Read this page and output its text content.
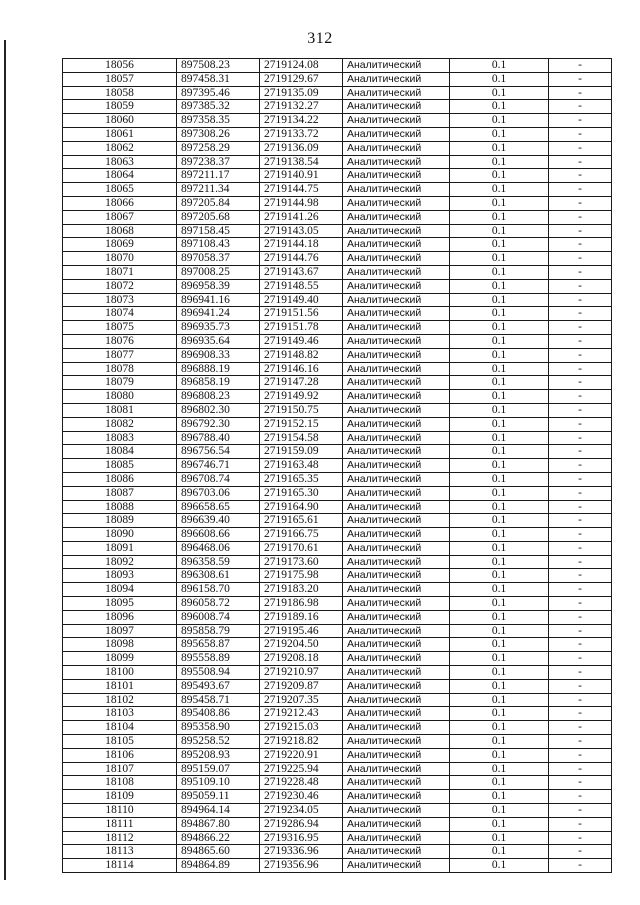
312
18056	897508.23	2719124.08	Аналитический	0.1	-
18057	897458.31	2719129.67	Аналитический	0.1	-
18058	897395.46	2719135.09	Аналитический	0.1	-
18059	897385.32	2719132.27	Аналитический	0.1	-
18060	897358.35	2719134.22	Аналитический	0.1	-
18061	897308.26	2719133.72	Аналитический	0.1	-
18062	897258.29	2719136.09	Аналитический	0.1	-
18063	897238.37	2719138.54	Аналитический	0.1	-
18064	897211.17	2719140.91	Аналитический	0.1	-
18065	897211.34	2719144.75	Аналитический	0.1	-
18066	897205.84	2719144.98	Аналитический	0.1	-
18067	897205.68	2719141.26	Аналитический	0.1	-
18068	897158.45	2719143.05	Аналитический	0.1	-
18069	897108.43	2719144.18	Аналитический	0.1	-
18070	897058.37	2719144.76	Аналитический	0.1	-
18071	897008.25	2719143.67	Аналитический	0.1	-
18072	896958.39	2719148.55	Аналитический	0.1	-
18073	896941.16	2719149.40	Аналитический	0.1	-
18074	896941.24	2719151.56	Аналитический	0.1	-
18075	896935.73	2719151.78	Аналитический	0.1	-
18076	896935.64	2719149.46	Аналитический	0.1	-
18077	896908.33	2719148.82	Аналитический	0.1	-
18078	896888.19	2719146.16	Аналитический	0.1	-
18079	896858.19	2719147.28	Аналитический	0.1	-
18080	896808.23	2719149.92	Аналитический	0.1	-
18081	896802.30	2719150.75	Аналитический	0.1	-
18082	896792.30	2719152.15	Аналитический	0.1	-
18083	896788.40	2719154.58	Аналитический	0.1	-
18084	896756.54	2719159.09	Аналитический	0.1	-
18085	896746.71	2719163.48	Аналитический	0.1	-
18086	896708.74	2719165.35	Аналитический	0.1	-
18087	896703.06	2719165.30	Аналитический	0.1	-
18088	896658.65	2719164.90	Аналитический	0.1	-
18089	896639.40	2719165.61	Аналитический	0.1	-
18090	896608.66	2719166.75	Аналитический	0.1	-
18091	896468.06	2719170.61	Аналитический	0.1	-
18092	896358.59	2719173.60	Аналитический	0.1	-
18093	896308.61	2719175.98	Аналитический	0.1	-
18094	896158.70	2719183.20	Аналитический	0.1	-
18095	896058.72	2719186.98	Аналитический	0.1	-
18096	896008.74	2719189.16	Аналитический	0.1	-
18097	895858.79	2719195.46	Аналитический	0.1	-
18098	895658.87	2719204.50	Аналитический	0.1	-
18099	895558.89	2719208.18	Аналитический	0.1	-
18100	895508.94	2719210.97	Аналитический	0.1	-
18101	895493.67	2719209.87	Аналитический	0.1	-
18102	895458.71	2719207.35	Аналитический	0.1	-
18103	895408.86	2719212.43	Аналитический	0.1	-
18104	895358.90	2719215.03	Аналитический	0.1	-
18105	895258.52	2719218.82	Аналитический	0.1	-
18106	895208.93	2719220.91	Аналитический	0.1	-
18107	895159.07	2719225.94	Аналитический	0.1	-
18108	895109.10	2719228.48	Аналитический	0.1	-
18109	895059.11	2719230.46	Аналитический	0.1	-
18110	894964.14	2719234.05	Аналитический	0.1	-
18111	894867.80	2719286.94	Аналитический	0.1	-
18112	894866.22	2719316.95	Аналитический	0.1	-
18113	894865.60	2719336.96	Аналитический	0.1	-
18114	894864.89	2719356.96	Аналитический	0.1	-
